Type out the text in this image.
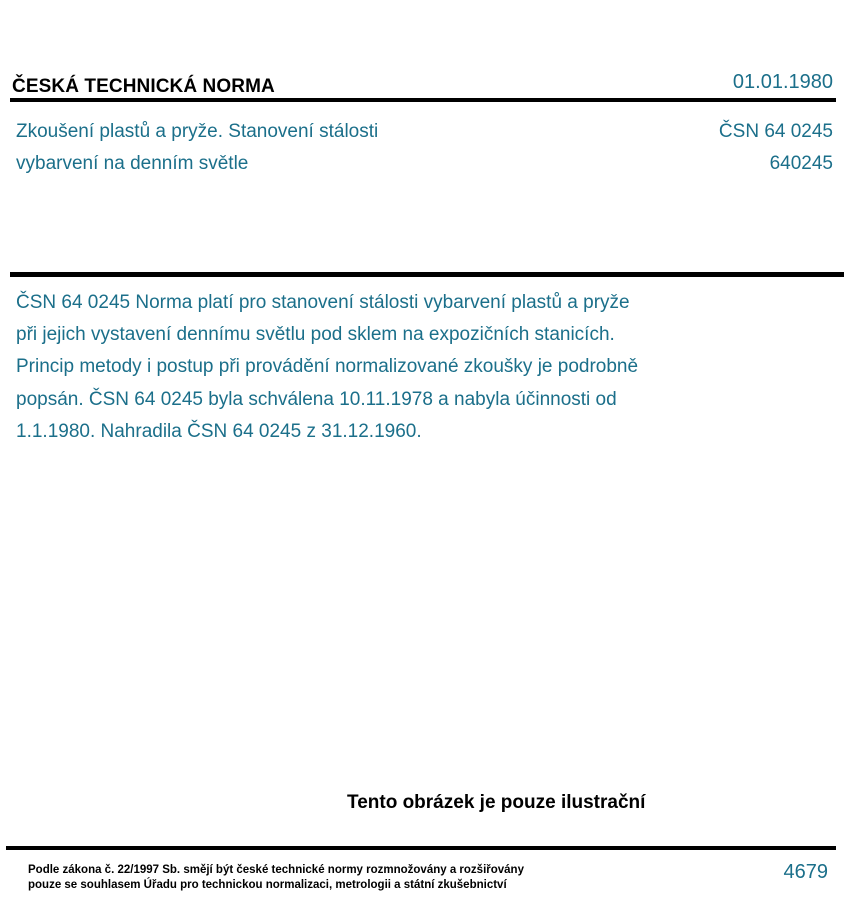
ČESKÁ TECHNICKÁ NORMA	01.01.1980
Zkoušení plastů a pryže. Stanovení stálosti
vybarvení na denním světle
ČSN 64 0245
640245
ČSN 64 0245 Norma platí pro stanovení stálosti vybarvení plastů a pryže
při jejich vystavení dennímu světlu pod sklem na expozičních stanicích.
Princip metody i postup při provádění normalizované zkoušky je podrobně
popsán. ČSN 64 0245 byla schválena 10.11.1978 a nabyla účinnosti od
1.1.1980. Nahradila ČSN 64 0245 z 31.12.1960.
Tento obrázek je pouze ilustrační
Podle zákona č. 22/1997 Sb. smějí být české technické normy rozmnožovány a rozšiřovány
pouze se souhlasem Úřadu pro technickou normalizaci, metrologii a státní zkušebnictví
4679
